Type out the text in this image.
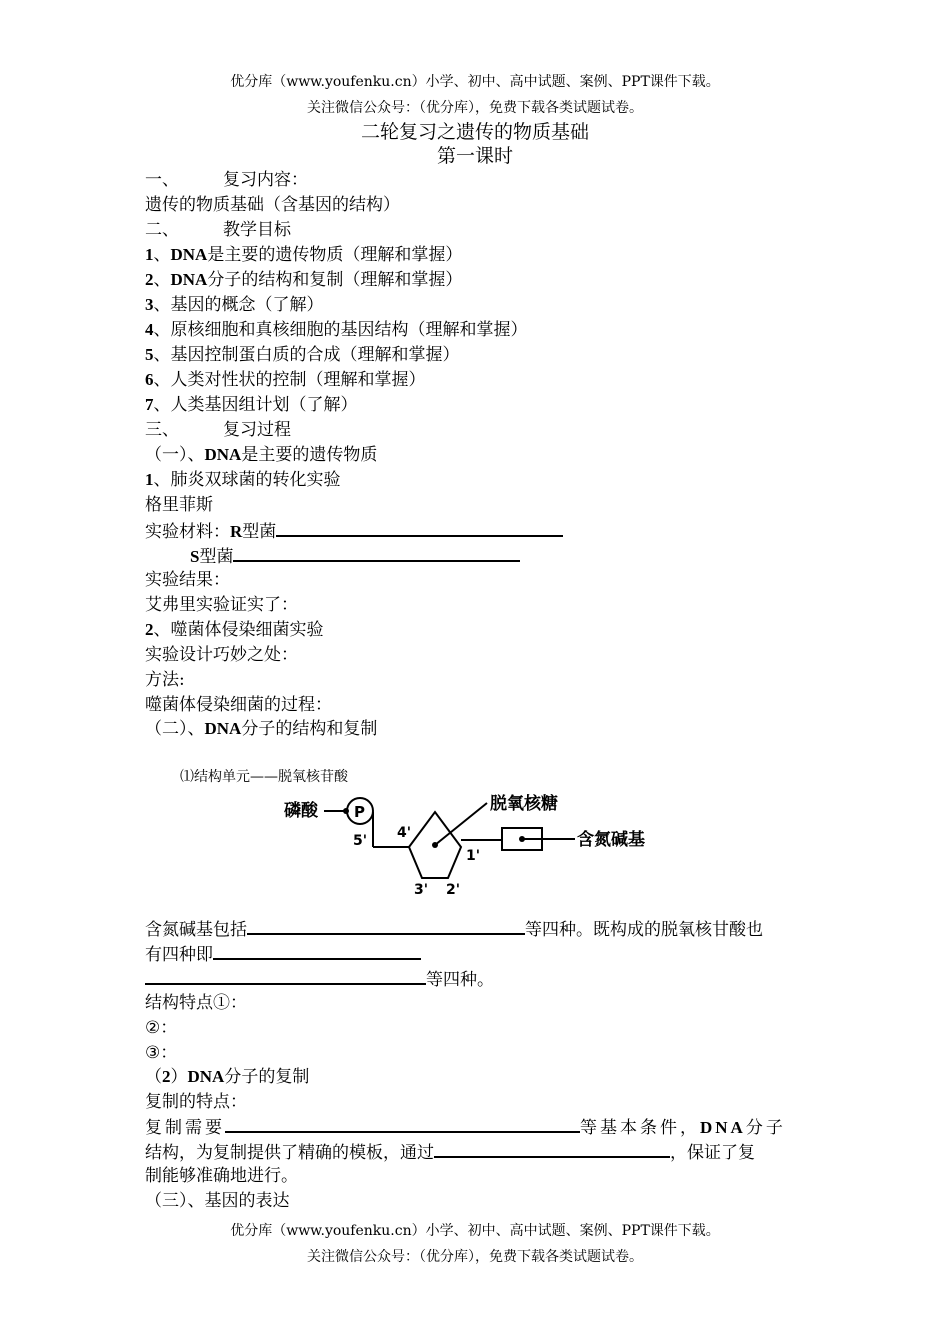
优分库（www.youfenku.cn）小学、初中、高中试题、案例、PPT课件下载。
关注微信公众号：（优分库），免费下载各类试题试卷。
二轮复习之遗传的物质基础
第一课时
一、	复习内容：
遗传的物质基础（含基因的结构）
二、	教学目标
1、DNA是主要的遗传物质（理解和掌握）
2、DNA分子的结构和复制（理解和掌握）
3、基因的概念（了解）
4、原核细胞和真核细胞的基因结构（理解和掌握）
5、基因控制蛋白质的合成（理解和掌握）
6、人类对性状的控制（理解和掌握）
7、人类基因组计划（了解）
三、	复习过程
（一）、DNA是主要的遗传物质
1、肺炎双球菌的转化实验
格里菲斯
实验材料：R型菌
S型菌
实验结果：
艾弗里实验证实了：
2、噬菌体侵染细菌实验
实验设计巧妙之处：
方法:
噬菌体侵染细菌的过程：
（二）、DNA分子的结构和复制
⑴结构单元——脱氧核苷酸
磷酸 P
5' 4'
1'
3' 2'
脱氧核糖
含氮碱基
含氮碱基包括	等四种。既构成的脱氧核甘酸也
有四种即
等四种。
结构特点①：
②：
③：
（2）DNA分子的复制
复制的特点：
复制需要	等基本条件，DNA分子
结构，为复制提供了精确的模板，通过	，保证了复
制能够准确地进行。
（三）、基因的表达
优分库（www.youfenku.cn）小学、初中、高中试题、案例、PPT课件下载。
关注微信公众号：（优分库），免费下载各类试题试卷。
